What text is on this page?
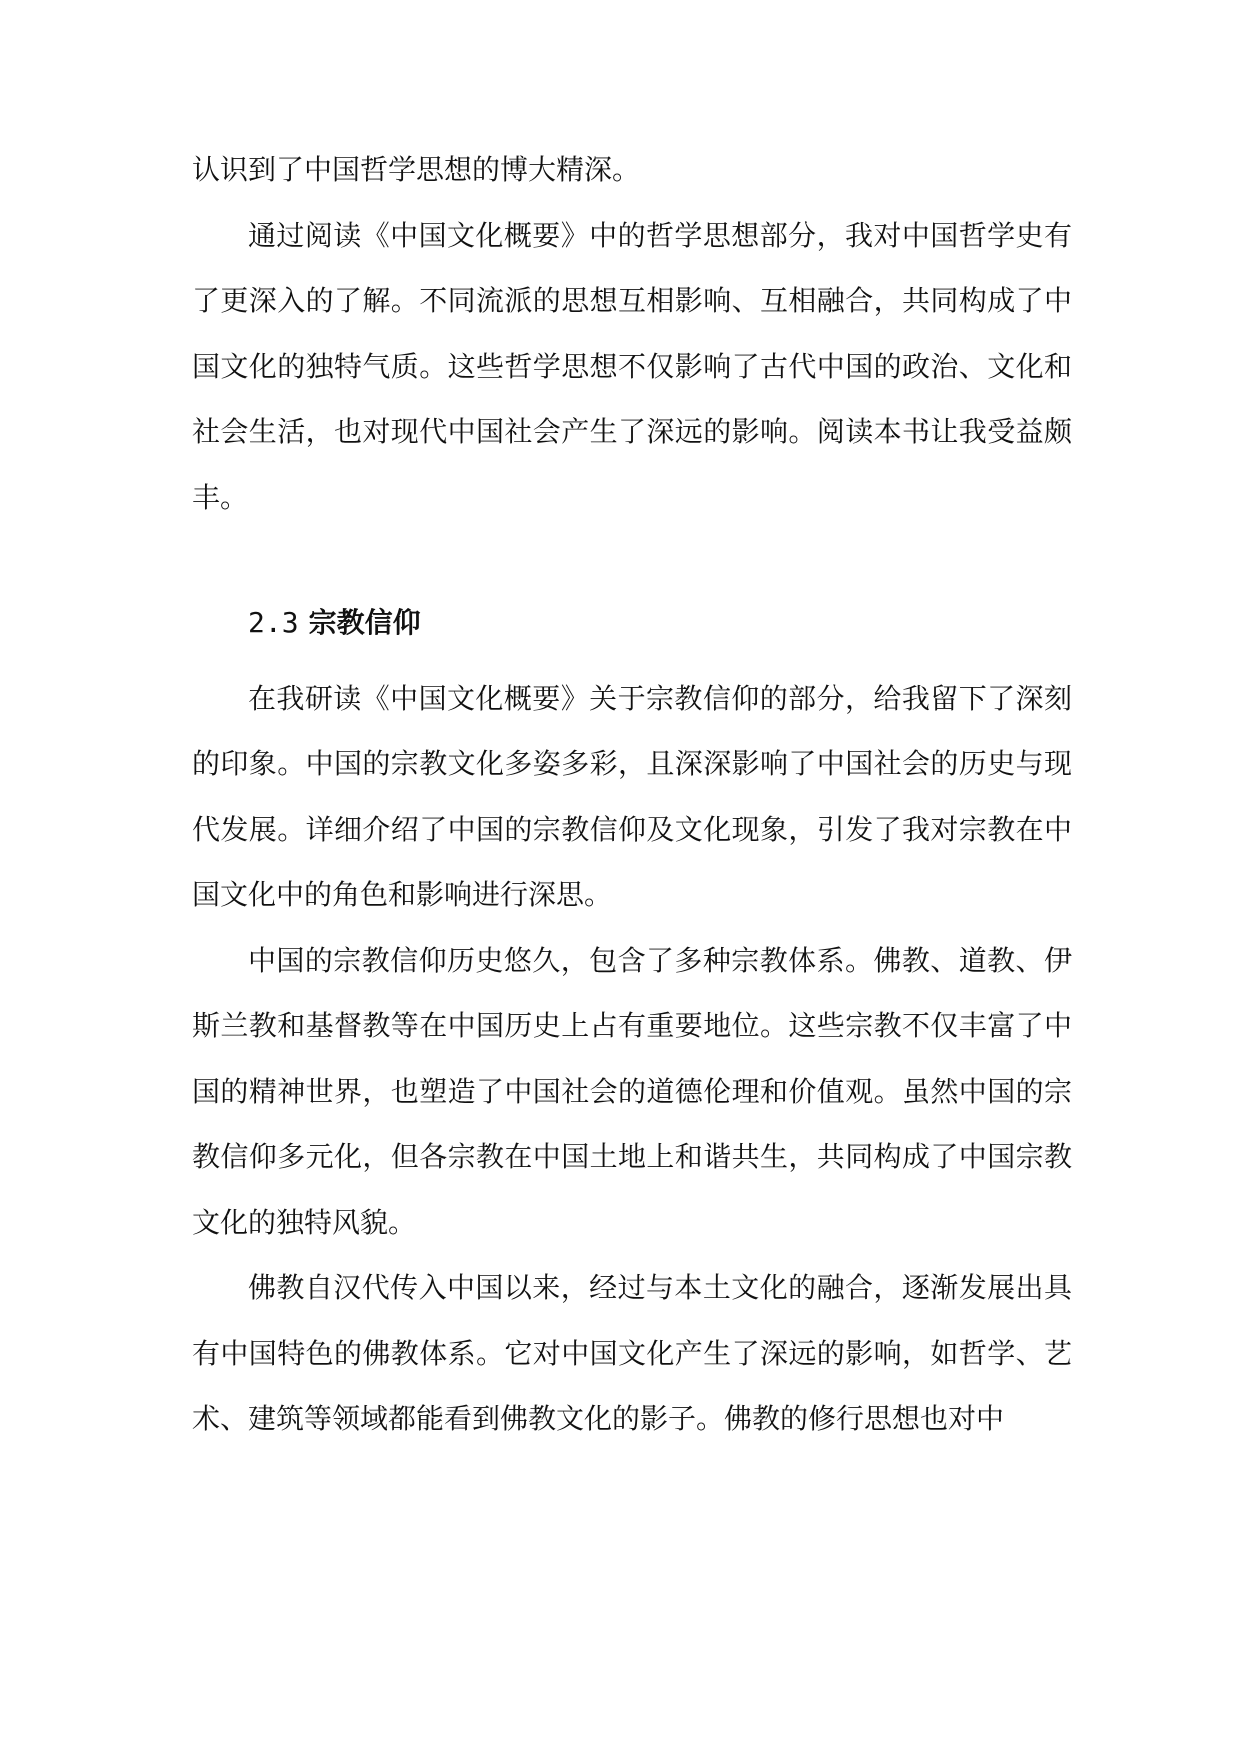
认识到了中国哲学思想的博大精深。

通过阅读《中国文化概要》中的哲学思想部分，我对中国哲学史有了更深入的了解。不同流派的思想互相影响、互相融合，共同构成了中国文化的独特气质。这些哲学思想不仅影响了古代中国的政治、文化和社会生活，也对现代中国社会产生了深远的影响。阅读本书让我受益颇丰。

2.3 宗教信仰

在我研读《中国文化概要》关于宗教信仰的部分，给我留下了深刻的印象。中国的宗教文化多姿多彩，且深深影响了中国社会的历史与现代发展。详细介绍了中国的宗教信仰及文化现象，引发了我对宗教在中国文化中的角色和影响进行深思。

中国的宗教信仰历史悠久，包含了多种宗教体系。佛教、道教、伊斯兰教和基督教等在中国历史上占有重要地位。这些宗教不仅丰富了中国的精神世界，也塑造了中国社会的道德伦理和价值观。虽然中国的宗教信仰多元化，但各宗教在中国土地上和谐共生，共同构成了中国宗教文化的独特风貌。

佛教自汉代传入中国以来，经过与本土文化的融合，逐渐发展出具有中国特色的佛教体系。它对中国文化产生了深远的影响，如哲学、艺术、建筑等领域都能看到佛教文化的影子。佛教的修行思想也对中
